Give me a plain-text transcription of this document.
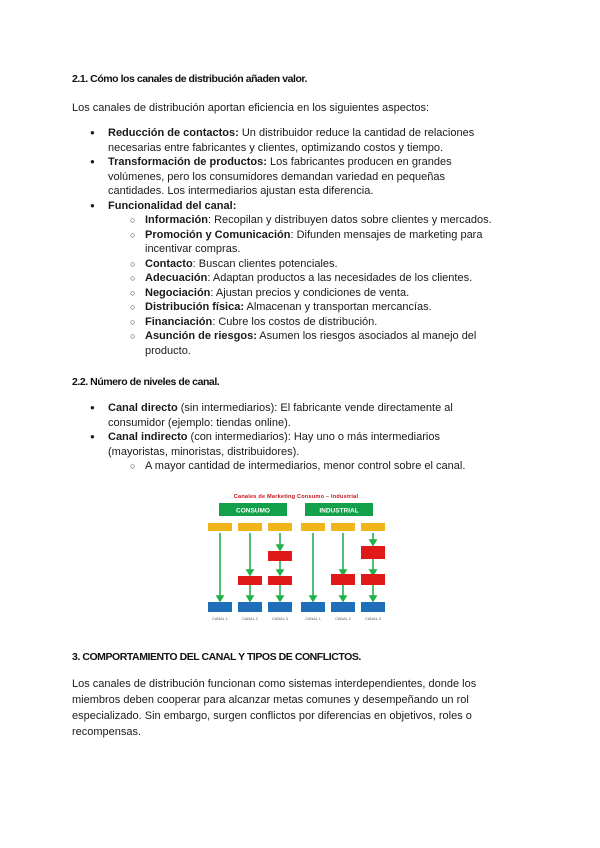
2.1. Cómo los canales de distribución añaden valor.
Los canales de distribución aportan eficiencia en los siguientes aspectos:
● Reducción de contactos: Un distribuidor reduce la cantidad de relaciones necesarias entre fabricantes y clientes, optimizando costos y tiempo.
● Transformación de productos: Los fabricantes producen en grandes volúmenes, pero los consumidores demandan variedad en pequeñas cantidades. Los intermediarios ajustan esta diferencia.
● Funcionalidad del canal:
○ Información: Recopilan y distribuyen datos sobre clientes y mercados.
○ Promoción y Comunicación: Difunden mensajes de marketing para incentivar compras.
○ Contacto: Buscan clientes potenciales.
○ Adecuación: Adaptan productos a las necesidades de los clientes.
○ Negociación: Ajustan precios y condiciones de venta.
○ Distribución física: Almacenan y transportan mercancías.
○ Financiación: Cubre los costos de distribución.
○ Asunción de riesgos: Asumen los riesgos asociados al manejo del producto.
2.2. Número de niveles de canal.
● Canal directo (sin intermediarios): El fabricante vende directamente al consumidor (ejemplo: tiendas online).
● Canal indirecto (con intermediarios): Hay uno o más intermediarios (mayoristas, minoristas, distribuidores).
○ A mayor cantidad de intermediarios, menor control sobre el canal.
Canales de Marketing Consumo – Industrial
CONSUMO	INDUSTRIAL
CANAL 1	CANAL 2	CANAL 3	CANAL 1	CANAL 2	CANAL 3
3. COMPORTAMIENTO DEL CANAL Y TIPOS DE CONFLICTOS.
Los canales de distribución funcionan como sistemas interdependientes, donde los miembros deben cooperar para alcanzar metas comunes y desempeñando un rol especializado. Sin embargo, surgen conflictos por diferencias en objetivos, roles o recompensas.
